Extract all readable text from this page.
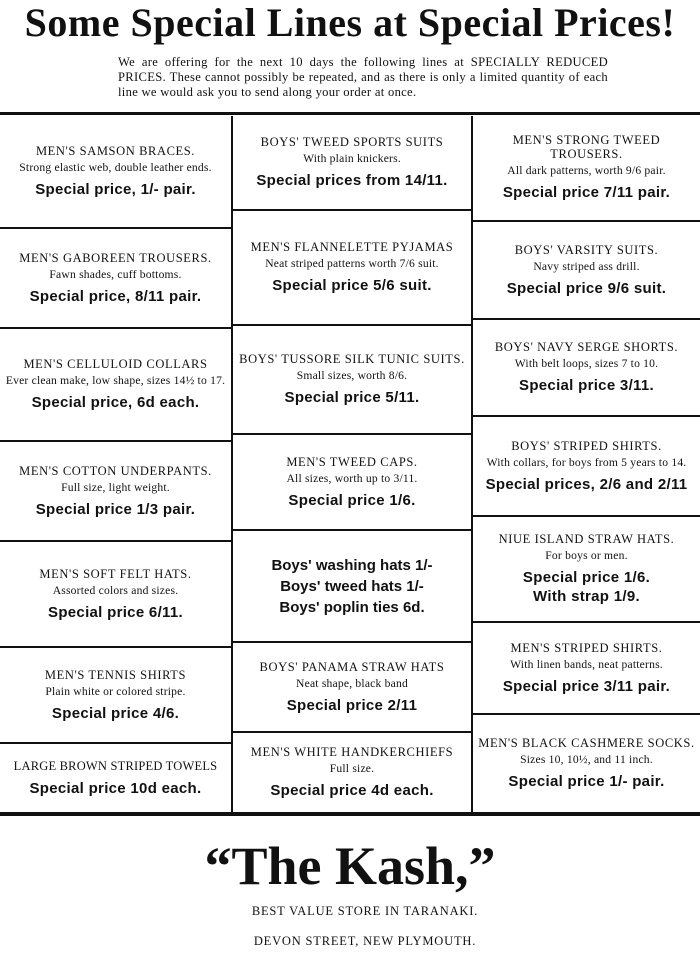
Some Special Lines at Special Prices!
We are offering for the next 10 days the following lines at SPECIALLY REDUCED PRICES. These cannot possibly be repeated, and as there is only a limited quantity of each line we would ask you to send along your order at once.
MEN'S SAMSON BRACES.
Strong elastic web, double leather ends.
Special price, 1/- pair.
MEN'S GABOREEN TROUSERS.
Fawn shades, cuff bottoms.
Special price, 8/11 pair.
MEN'S CELLULOID COLLARS
Ever clean make, low shape, sizes 14½ to 17.
Special price, 6d each.
MEN'S COTTON UNDERPANTS.
Full size, light weight.
Special price 1/3 pair.
MEN'S SOFT FELT HATS.
Assorted colors and sizes.
Special price 6/11.
MEN'S TENNIS SHIRTS
Plain white or colored stripe.
Special price 4/6.
LARGE BROWN STRIPED TOWELS
Special price 10d each.
BOYS' TWEED SPORTS SUITS
With plain knickers.
Special prices from 14/11.
MEN'S FLANNELETTE PYJAMAS
Neat striped patterns worth 7/6 suit.
Special price 5/6 suit.
BOYS' TUSSORE SILK TUNIC SUITS.
Small sizes, worth 8/6.
Special price 5/11.
MEN'S TWEED CAPS.
All sizes, worth up to 3/11.
Special price 1/6.
Boys' washing hats 1/-
Boys' tweed hats 1/-
Boys' poplin ties 6d.
BOYS' PANAMA STRAW HATS
Neat shape, black band
Special price 2/11
MEN'S WHITE HANDKERCHIEFS
Full size.
Special price 4d each.
MEN'S STRONG TWEED TROUSERS.
All dark patterns, worth 9/6 pair.
Special price 7/11 pair.
BOYS' VARSITY SUITS.
Navy striped ass drill.
Special price 9/6 suit.
BOYS' NAVY SERGE SHORTS.
With belt loops, sizes 7 to 10.
Special price 3/11.
BOYS' STRIPED SHIRTS.
With collars, for boys from 5 years to 14.
Special prices, 2/6 and 2/11
NIUE ISLAND STRAW HATS.
For boys or men.
Special price 1/6.
With strap 1/9.
MEN'S STRIPED SHIRTS.
With linen bands, neat patterns.
Special price 3/11 pair.
MEN'S BLACK CASHMERE SOCKS.
Sizes 10, 10½, and 11 inch.
Special price 1/- pair.
“The Kash,”
BEST VALUE STORE IN TARANAKI.
DEVON STREET, NEW PLYMOUTH.
